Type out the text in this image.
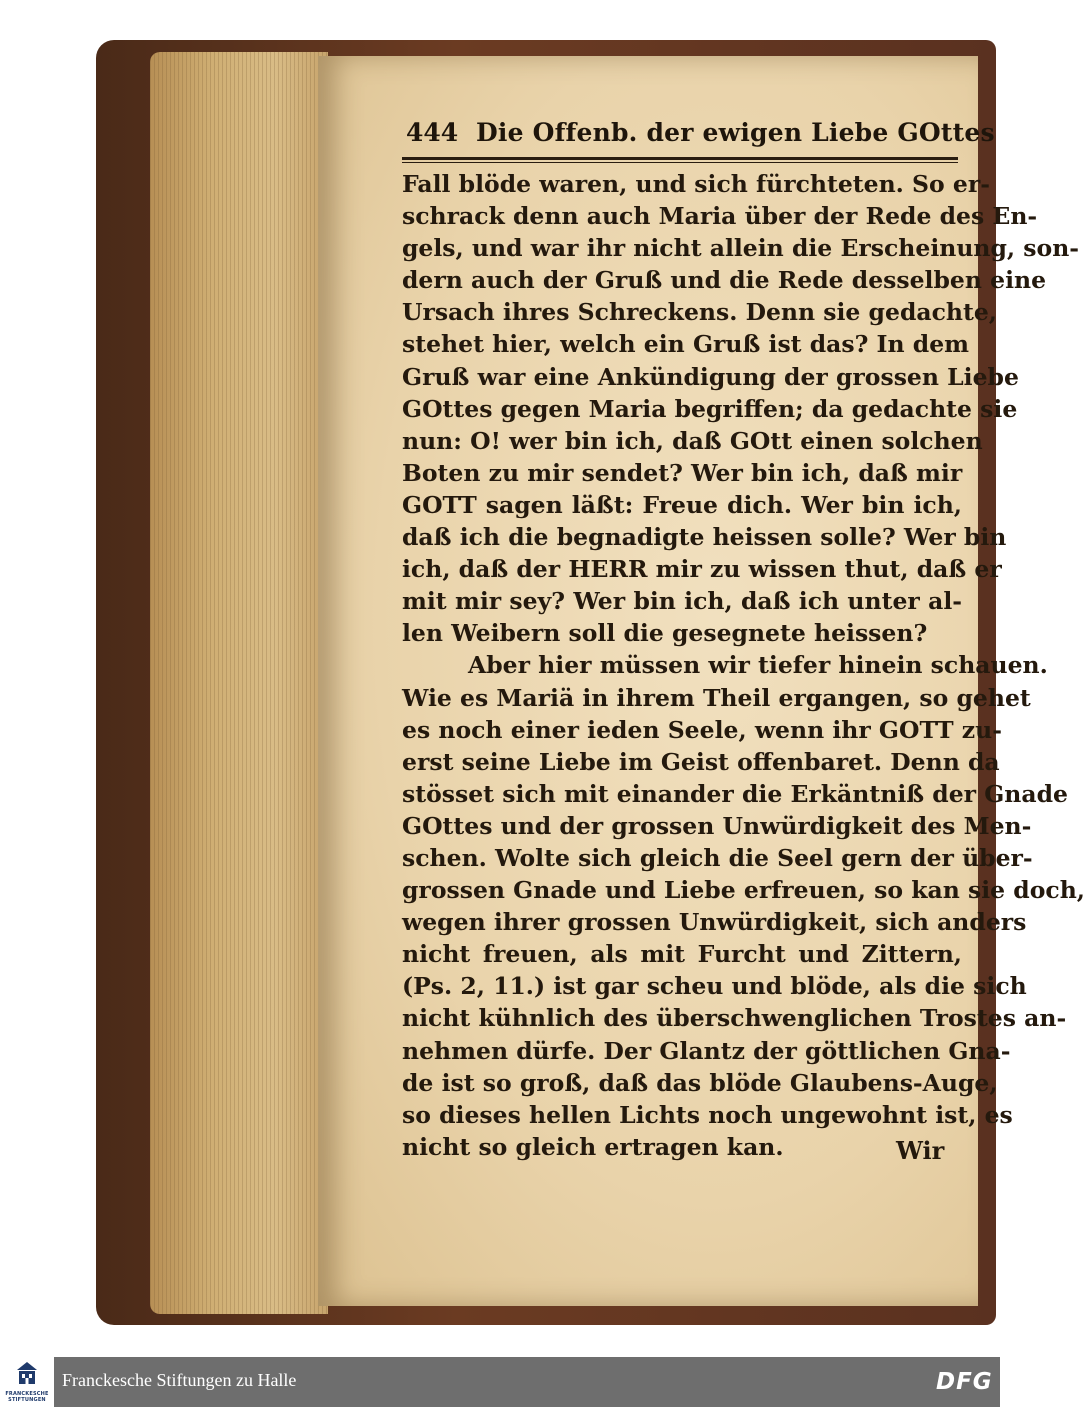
444 Die Offenb. der ewigen Liebe GOttes
Fall blöde waren, und sich fürchteten. So er-
schrack denn auch Maria über der Rede des En-
gels, und war ihr nicht allein die Erscheinung, son-
dern auch der Gruß und die Rede desselben eine
Ursach ihres Schreckens. Denn sie gedachte,
stehet hier, welch ein Gruß ist das? In dem
Gruß war eine Ankündigung der grossen Liebe
GOttes gegen Maria begriffen; da gedachte sie
nun: O! wer bin ich, daß GOtt einen solchen
Boten zu mir sendet? Wer bin ich, daß mir
GOTT sagen läßt: Freue dich. Wer bin ich,
daß ich die begnadigte heissen solle? Wer bin
ich, daß der HERR mir zu wissen thut, daß er
mit mir sey? Wer bin ich, daß ich unter al-
len Weibern soll die gesegnete heissen?
Aber hier müssen wir tiefer hinein schauen.
Wie es Mariä in ihrem Theil ergangen, so gehet
es noch einer ieden Seele, wenn ihr GOTT zu-
erst seine Liebe im Geist offenbaret. Denn da
stösset sich mit einander die Erkäntniß der Gnade
GOttes und der grossen Unwürdigkeit des Men-
schen. Wolte sich gleich die Seel gern der über-
grossen Gnade und Liebe erfreuen, so kan sie doch,
wegen ihrer grossen Unwürdigkeit, sich anders
nicht freuen, als mit Furcht und Zittern,
(Ps. 2, 11.) ist gar scheu und blöde, als die sich
nicht kühnlich des überschwenglichen Trostes an-
nehmen dürfe. Der Glantz der göttlichen Gna-
de ist so groß, daß das blöde Glaubens-Auge,
so dieses hellen Lichts noch ungewohnt ist, es
nicht so gleich ertragen kan.	Wir
FRANCKESCHE STIFTUNGEN
Franckesche Stiftungen zu Halle	DFG
